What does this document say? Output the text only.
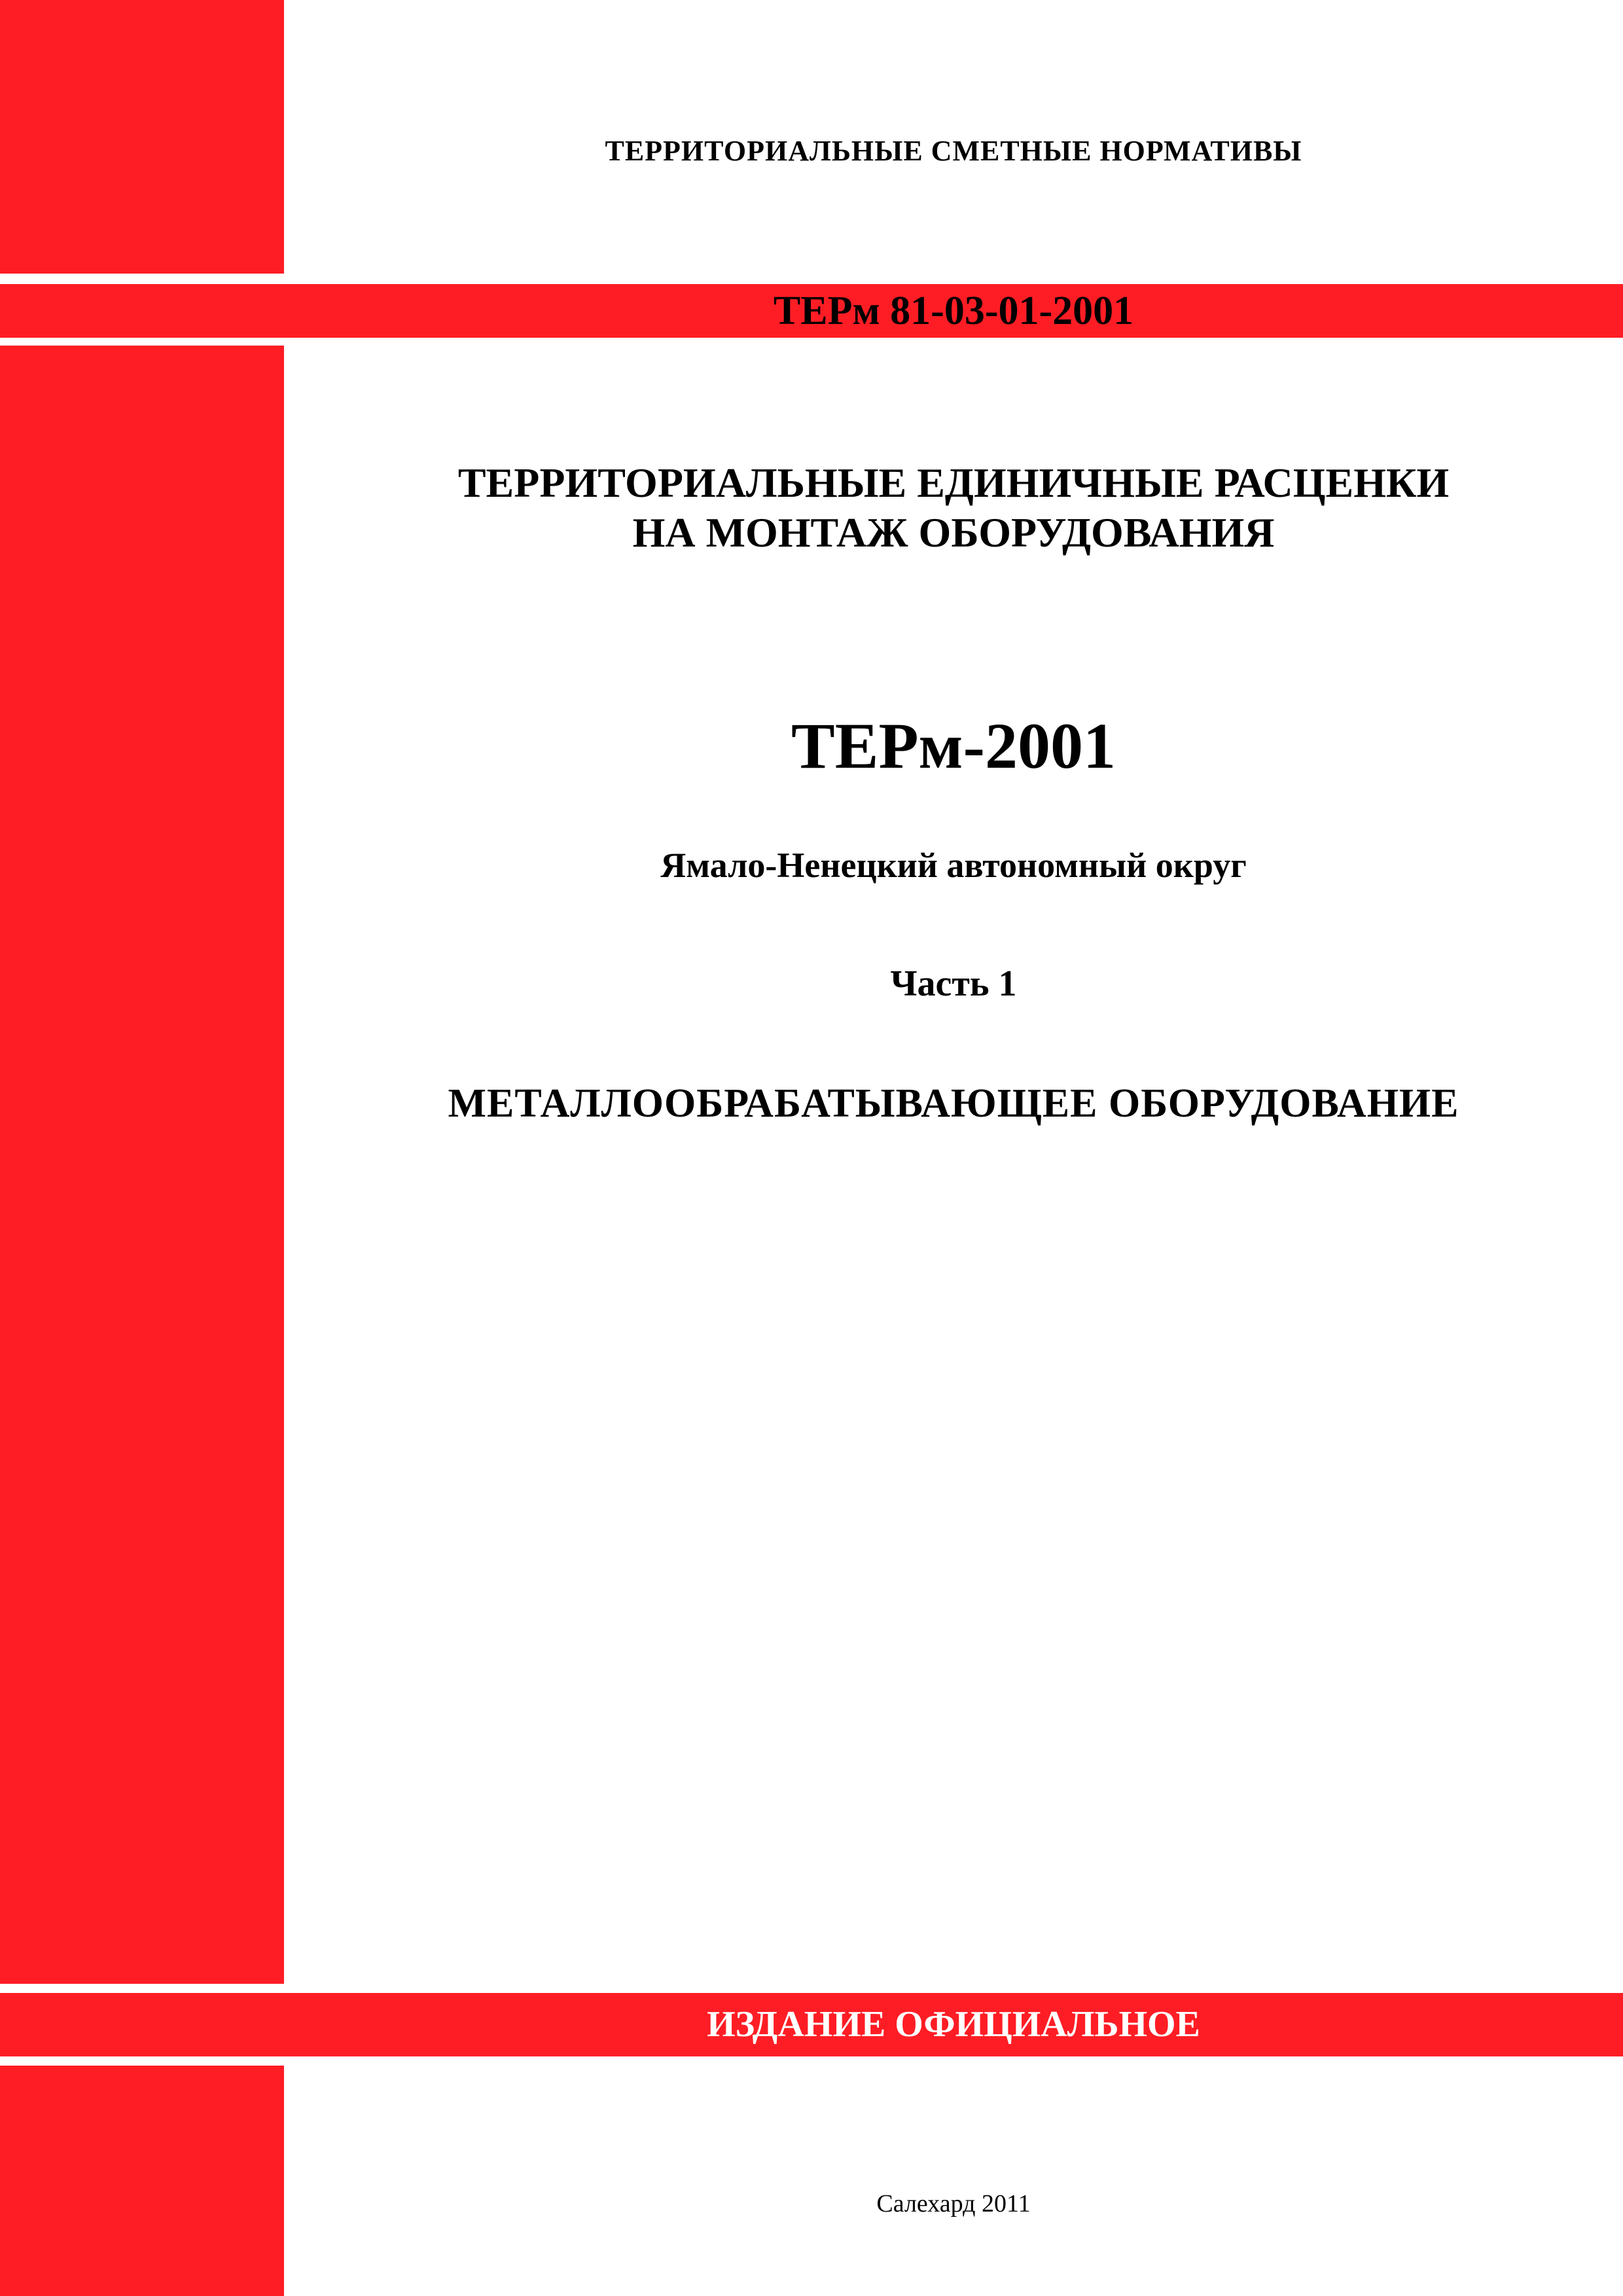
ТЕРРИТОРИАЛЬНЫЕ СМЕТНЫЕ НОРМАТИВЫ
ТЕРм 81-03-01-2001
ТЕРРИТОРИАЛЬНЫЕ ЕДИНИЧНЫЕ РАСЦЕНКИ
НА МОНТАЖ ОБОРУДОВАНИЯ
ТЕРм-2001
Ямало-Ненецкий автономный округ
Часть 1
МЕТАЛЛООБРАБАТЫВАЮЩЕЕ ОБОРУДОВАНИЕ
ИЗДАНИЕ ОФИЦИАЛЬНОЕ
Салехард 2011
